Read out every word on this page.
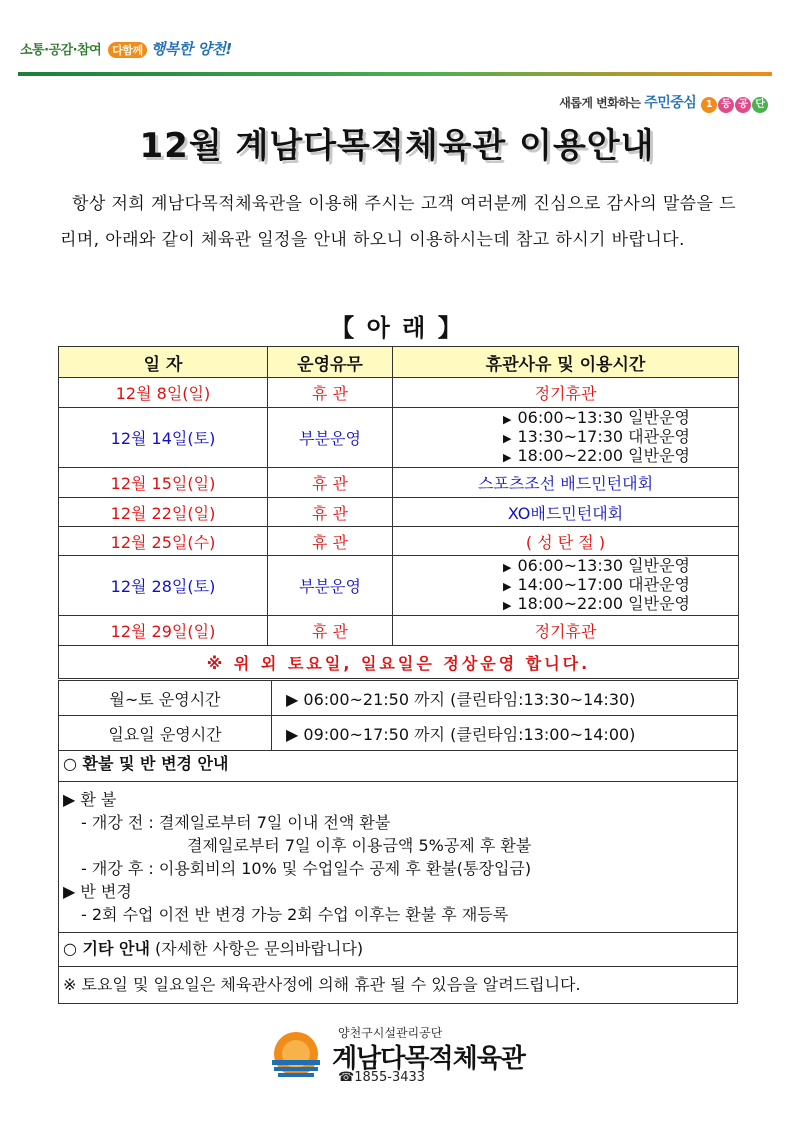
소통·공감·참여 다함께 행복한 양천!
새롭게 변화하는 주민중심 1 등 공 단
12월 계남다목적체육관 이용안내
항상 저희 계남다목적체육관을 이용해 주시는 고객 여러분께 진심으로 감사의 말씀을 드리며, 아래와 같이 체육관 일정을 안내 하오니 이용하시는데 참고 하시기 바랍니다.
【 아 래 】
일 자	운영유무	휴관사유 및 이용시간
12월 8일(일)	휴 관	정기휴관
12월 14일(토)	부분운영	▶ 06:00~13:30 일반운영
▶ 13:30~17:30 대관운영
▶ 18:00~22:00 일반운영

12월 15일(일)	휴 관	스포츠조선 배드민턴대회
12월 22일(일)	휴 관	XO배드민턴대회
12월 25일(수)	휴 관	( 성 탄 절 )
12월 28일(토)	부분운영	▶ 06:00~13:30 일반운영
▶ 14:00~17:00 대관운영
▶ 18:00~22:00 일반운영

12월 29일(일)	휴 관	정기휴관
※ 위 외 토요일, 일요일은 정상운영 합니다.		
월~토 운영시간	▶ 06:00~21:50 까지 (클린타임:13:30~14:30)
일요일 운영시간	▶ 09:00~17:50 까지 (클린타임:13:00~14:00)
○ 환불 및 반 변경 안내
▶ 환 불
- 개강 전 : 결제일로부터 7일 이내 전액 환불
결제일로부터 7일 이후 이용금액 5%공제 후 환불
- 개강 후 : 이용회비의 10% 및 수업일수 공제 후 환불(통장입금)
▶ 반 변경
- 2회 수업 이전 반 변경 가능 2회 수업 이후는 환불 후 재등록
○ 기타 안내 (자세한 사항은 문의바랍니다)
※ 토요일 및 일요일은 체육관사정에 의해 휴관 될 수 있음을 알려드립니다.
양천구시설관리공단
계남다목적체육관
☎1855-3433
